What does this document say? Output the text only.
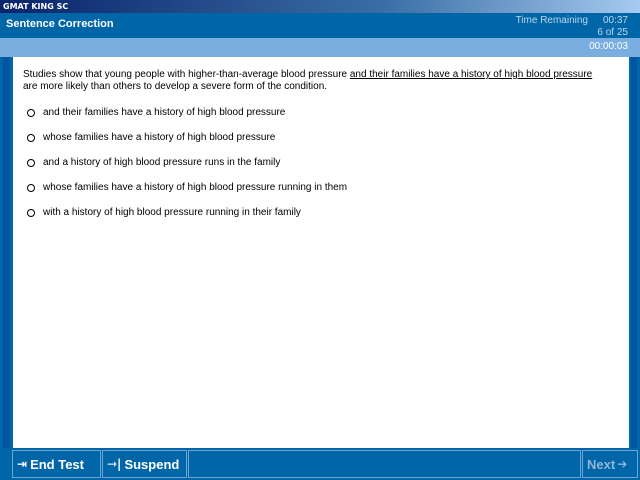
GMAT KING SC
Sentence Correction	Time Remaining 00:37
6 of 25
00:00:03
Studies show that young people with higher-than-average blood pressure and their families have a history of high blood pressure are more likely than others to develop a severe form of the condition.
and their families have a history of high blood pressure
whose families have a history of high blood pressure
and a history of high blood pressure runs in the family
whose families have a history of high blood pressure running in them
with a history of high blood pressure running in their family
⇥ End Test ⇾| Suspend	Next ➔
